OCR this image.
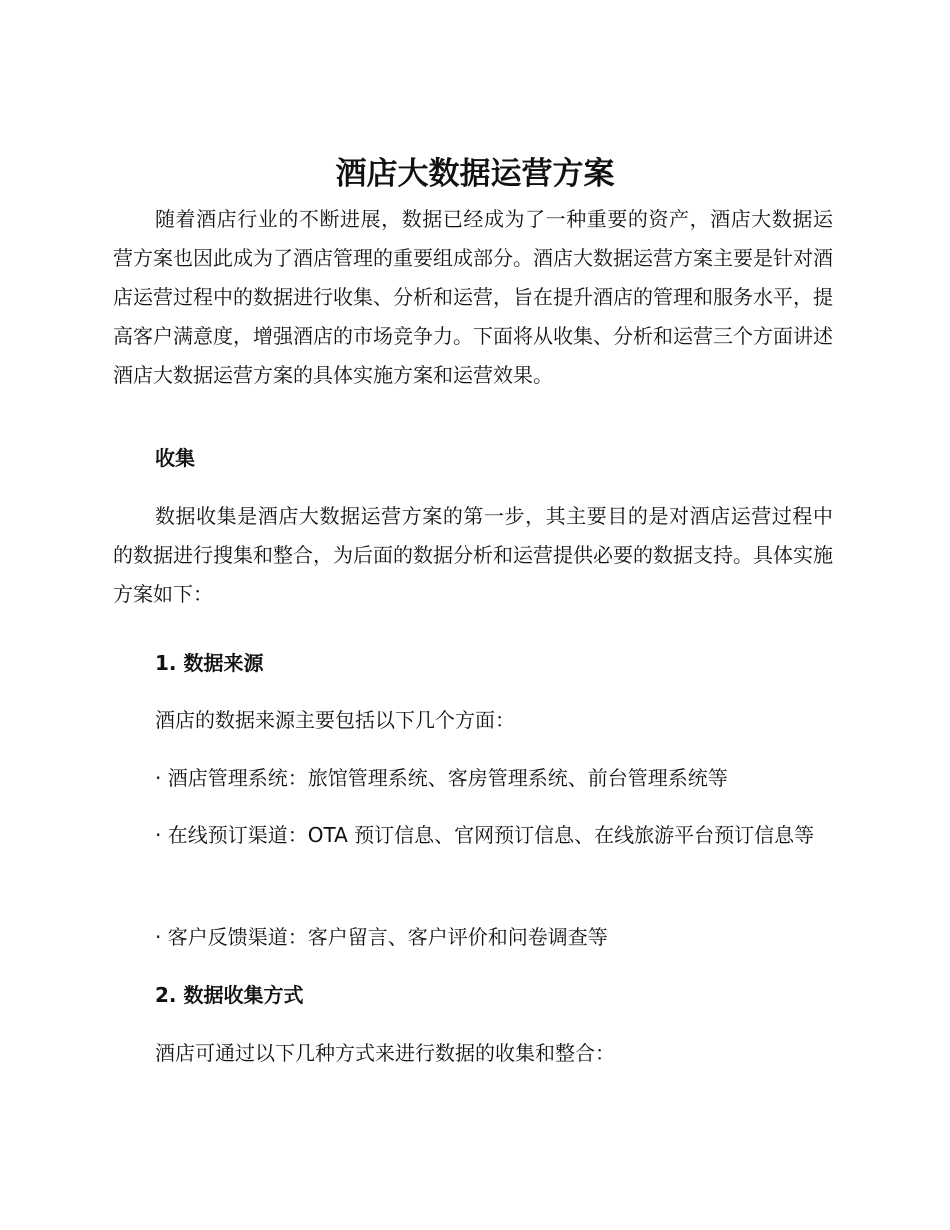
酒店大数据运营方案

随着酒店行业的不断进展，数据已经成为了一种重要的资产，酒店大数据运营方案也因此成为了酒店管理的重要组成部分。酒店大数据运营方案主要是针对酒店运营过程中的数据进行收集、分析和运营，旨在提升酒店的管理和服务水平，提高客户满意度，增强酒店的市场竞争力。下面将从收集、分析和运营三个方面讲述酒店大数据运营方案的具体实施方案和运营效果。

收集

数据收集是酒店大数据运营方案的第一步，其主要目的是对酒店运营过程中的数据进行搜集和整合，为后面的数据分析和运营提供必要的数据支持。具体实施方案如下：

1. 数据来源

酒店的数据来源主要包括以下几个方面：

· 酒店管理系统：旅馆管理系统、客房管理系统、前台管理系统等

· 在线预订渠道：OTA 预订信息、官网预订信息、在线旅游平台预订信息等

· 客户反馈渠道：客户留言、客户评价和问卷调查等

2. 数据收集方式

酒店可通过以下几种方式来进行数据的收集和整合：
